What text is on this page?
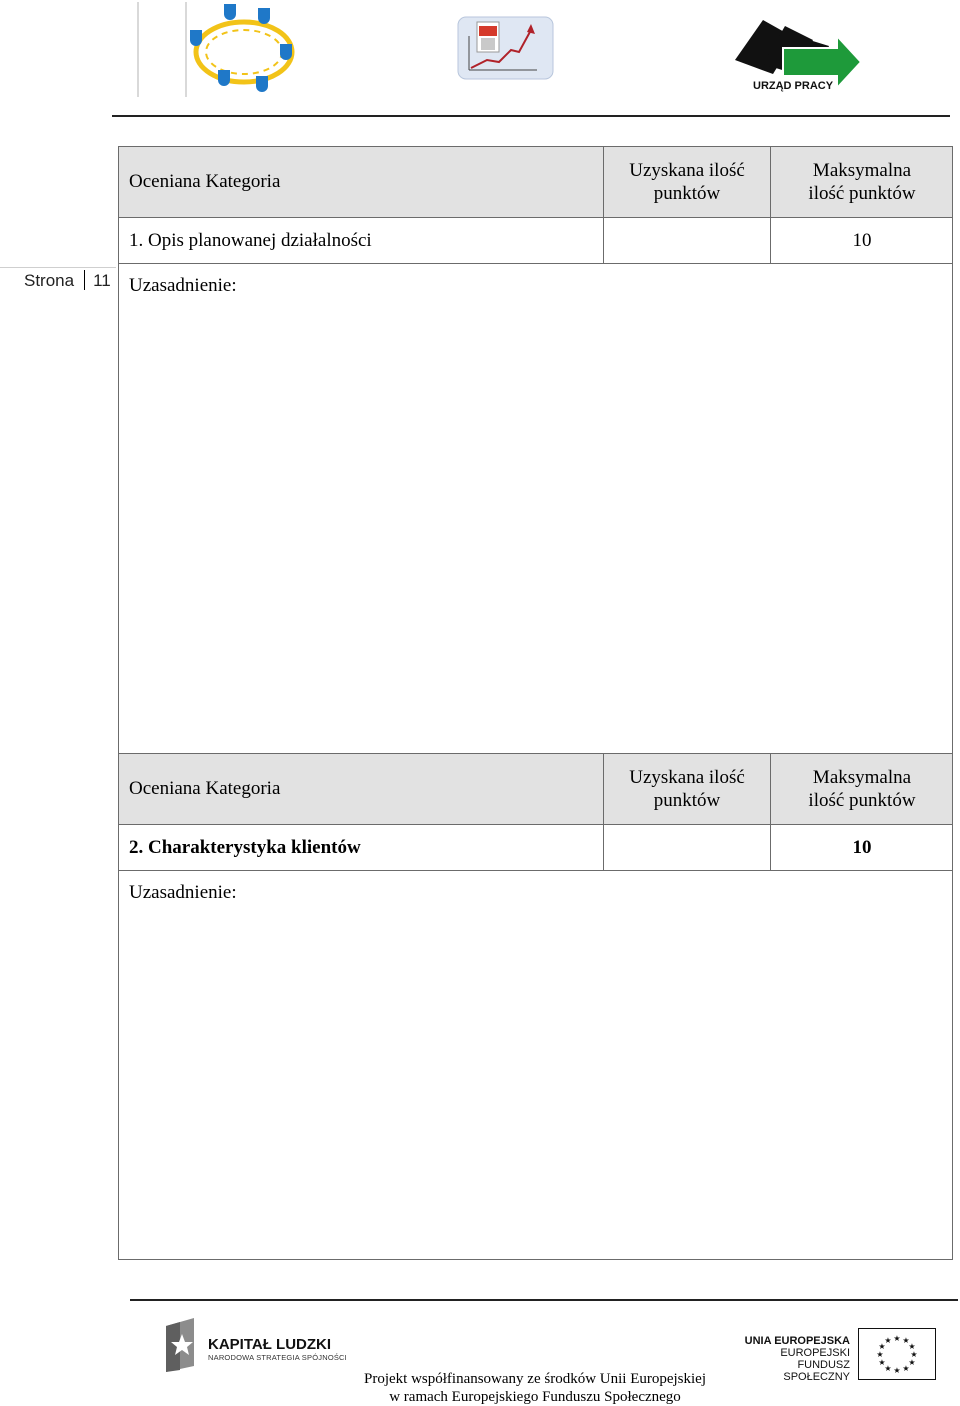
URZĄD PRACY
Strona 11
Oceniana Kategoria
Uzyskana ilość punktów
Maksymalna ilość punktów
1. Opis planowanej działalności	10
Uzasadnienie:
Oceniana Kategoria
Uzyskana ilość punktów
Maksymalna ilość punktów
2. Charakterystyka klientów	10
Uzasadnienie:
KAPITAŁ LUDZKI
NARODOWA STRATEGIA SPÓJNOŚCI
UNIA EUROPEJSKA
EUROPEJSKI
FUNDUSZ SPOŁECZNY
★ ★
★
★
★
★
★
★
★
★
★
★
Projekt współfinansowany ze środków Unii Europejskiej
w ramach Europejskiego Funduszu Społecznego
